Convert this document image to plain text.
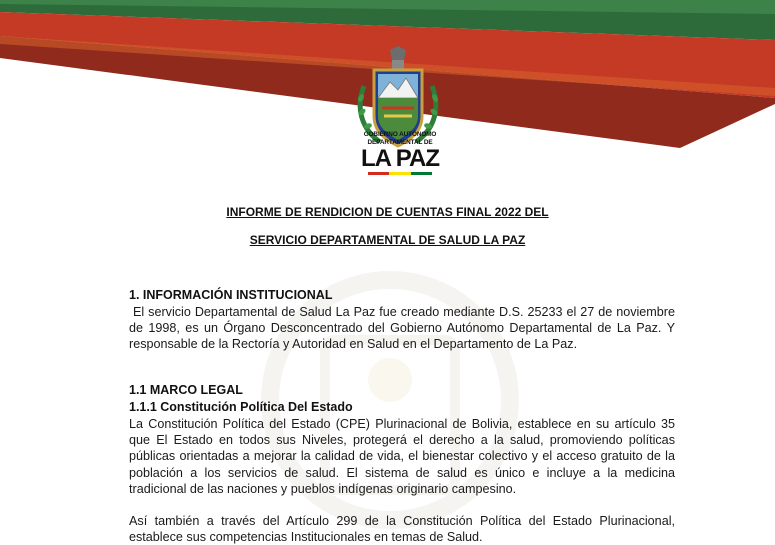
GOBIERNO AUTÓNOMO
DEPARTAMENTAL DE
LA PAZ
INFORME DE RENDICION DE CUENTAS FINAL 2022 DEL
SERVICIO DEPARTAMENTAL DE SALUD LA PAZ
1. INFORMACIÓN INSTITUCIONAL
El servicio Departamental de Salud La Paz fue creado mediante D.S. 25233 el 27 de noviembre de 1998, es un Órgano Desconcentrado del Gobierno Autónomo Departamental de La Paz. Y responsable de la Rectoría y Autoridad en Salud en el Departamento de La Paz.
1.1 MARCO LEGAL
1.1.1 Constitución Política Del Estado
La Constitución Política del Estado (CPE) Plurinacional de Bolivia, establece en su artículo 35 que El Estado en todos sus Niveles, protegerá el derecho a la salud, promoviendo políticas públicas orientadas a mejorar la calidad de vida, el bienestar colectivo y el acceso gratuito de la población a los servicios de salud. El sistema de salud es único e incluye a la medicina tradicional de las naciones y pueblos indígenas originario campesino.
Así también a través del Artículo 299 de la Constitución Política del Estado Plurinacional, establece sus competencias Institucionales en temas de Salud.
